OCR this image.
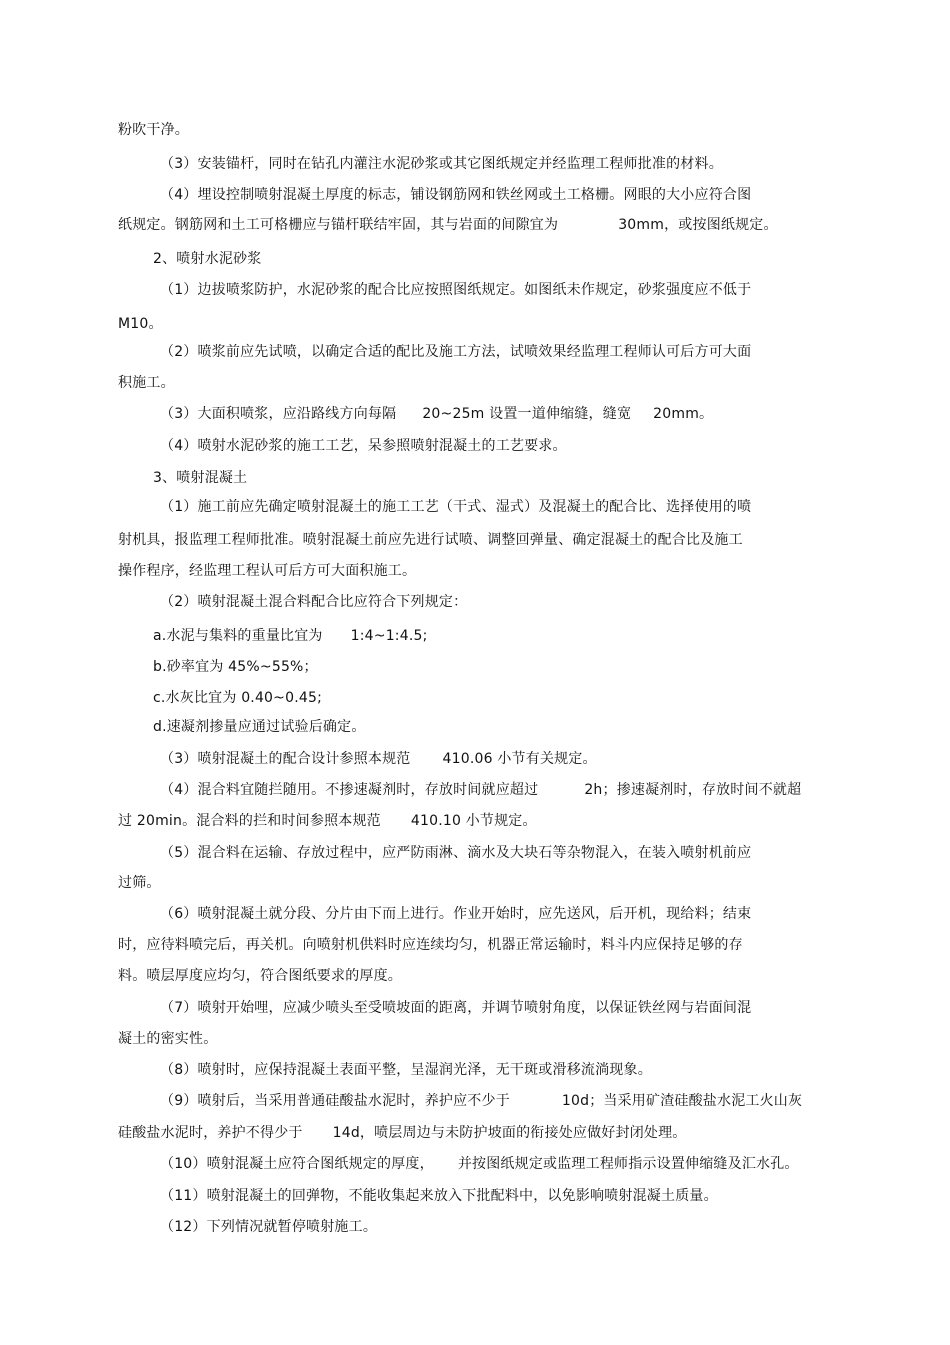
粉吹干净。
（3）安装锚杆，同时在钻孔内灌注水泥砂浆或其它图纸规定并经监理工程师批准的材料。
（4）埋设控制喷射混凝土厚度的标志，铺设钢筋网和铁丝网或土工格栅。网眼的大小应符合图
纸规定。钢筋网和土工可格栅应与锚杆联结牢固，其与岩面的间隙宜为	30mm，或按图纸规定。
2、喷射水泥砂浆
（1）边拔喷浆防护，水泥砂浆的配合比应按照图纸规定。如图纸未作规定，砂浆强度应不低于
M10。
（2）喷浆前应先试喷，以确定合适的配比及施工方法，试喷效果经监理工程师认可后方可大面
积施工。
（3）大面积喷浆，应沿路线方向每隔 20~25m 设置一道伸缩缝，缝宽 20mm。
（4）喷射水泥砂浆的施工工艺，呆参照喷射混凝土的工艺要求。
3、喷射混凝土
（1）施工前应先确定喷射混凝土的施工工艺（干式、湿式）及混凝土的配合比、选择使用的喷
射机具，报监理工程师批准。喷射混凝土前应先进行试喷、调整回弹量、确定混凝土的配合比及施工
操作程序，经监理工程认可后方可大面积施工。
（2）喷射混凝土混合料配合比应符合下列规定：
a.水泥与集料的重量比宜为 1:4~1:4.5;
b.砂率宜为 45%~55%；
c.水灰比宜为 0.40~0.45;
d.速凝剂掺量应通过试验后确定。
（3）喷射混凝土的配合设计参照本规范 410.06 小节有关规定。
（4）混合料宜随拦随用。不掺速凝剂时，存放时间就应超过	2h；掺速凝剂时，存放时间不就超
过 20min。混合料的拦和时间参照本规范 410.10 小节规定。
（5）混合料在运输、存放过程中，应严防雨淋、滴水及大块石等杂物混入，在装入喷射机前应
过筛。
（6）喷射混凝土就分段、分片由下而上进行。作业开始时，应先送风，后开机，现给料；结束
时，应待料喷完后，再关机。向喷射机供料时应连续均匀，机器正常运输时，料斗内应保持足够的存
料。喷层厚度应均匀，符合图纸要求的厚度。
（7）喷射开始哩，应减少喷头至受喷坡面的距离，并调节喷射角度，以保证铁丝网与岩面间混
凝土的密实性。
（8）喷射时，应保持混凝土表面平整，呈湿润光泽，无干斑或滑移流淌现象。
（9）喷射后，当采用普通硅酸盐水泥时，养护应不少于	10d；当采用矿渣硅酸盐水泥工火山灰
硅酸盐水泥时，养护不得少于 14d，喷层周边与未防护坡面的衔接处应做好封闭处理。
（10）喷射混凝土应符合图纸规定的厚度， 并按图纸规定或监理工程师指示设置伸缩缝及汇水孔。
（11）喷射混凝土的回弹物，不能收集起来放入下批配料中，以免影响喷射混凝土质量。
（12）下列情况就暂停喷射施工。
